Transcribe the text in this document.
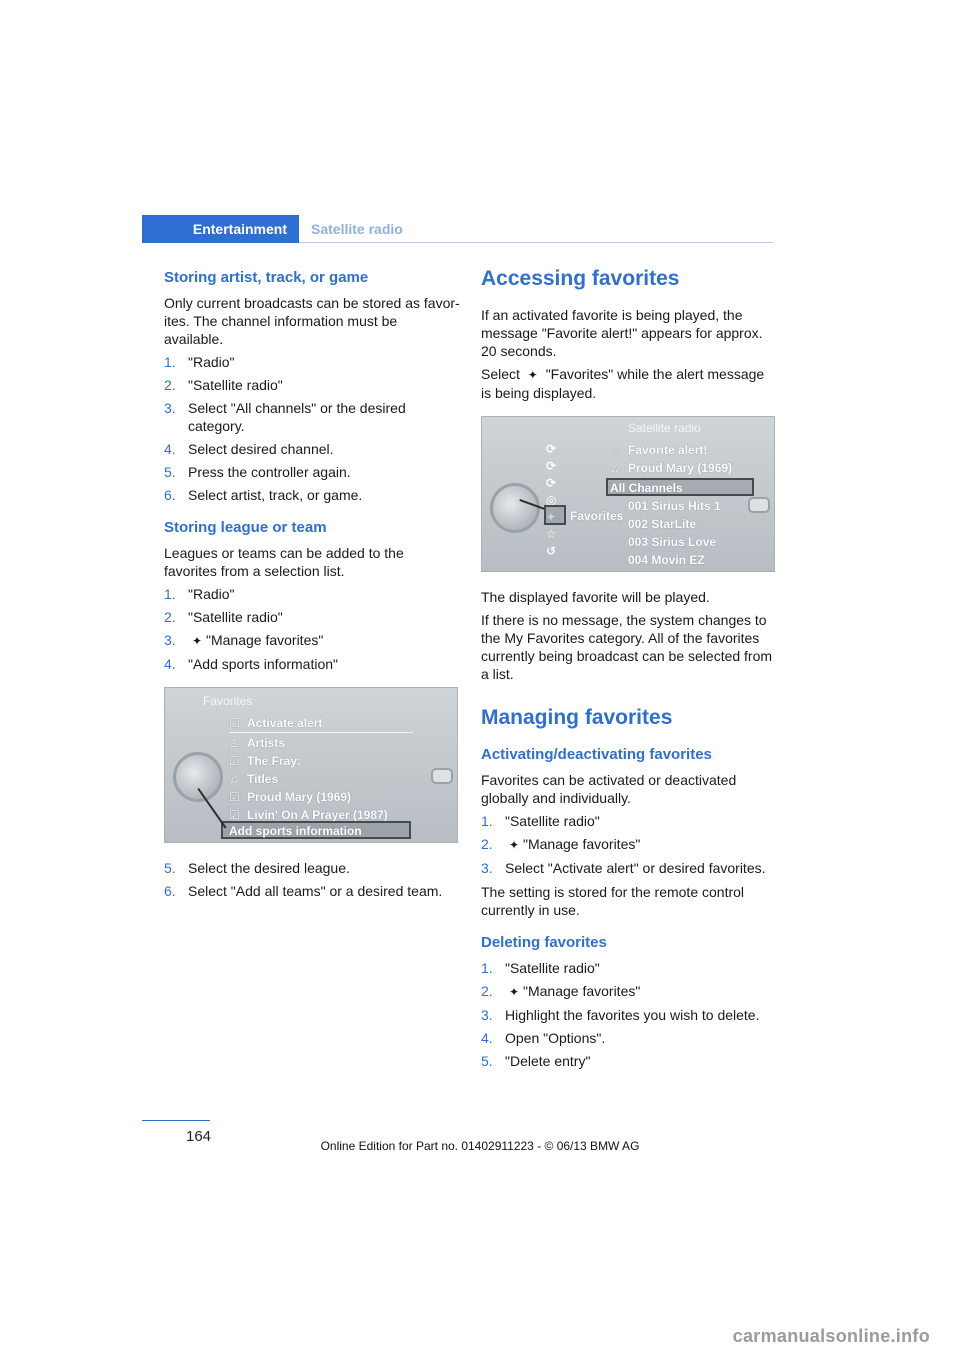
Entertainment	Satellite radio
Storing artist, track, or game

Only current broadcasts can be stored as favorites. The channel information must be available.

1. "Radio"
2. "Satellite radio"
3. Select "All channels" or the desired category.
4. Select desired channel.
5. Press the controller again.
6. Select artist, track, or game.
Storing league or team

Leagues or teams can be added to the favorites from a selection list.

1. "Radio"
2. "Satellite radio"
3. ✦ "Manage favorites"
4. "Add sports information"
Favorites
☑ Activate alert
♙ Artists
☑ The Fray:
♫ Titles
☑ Proud Mary (1969)
☑ Livin' On A Prayer (1987)
Add sports information
5. Select the desired league.
6. Select "Add all teams" or a desired team.
Accessing favorites

If an activated favorite is being played, the message "Favorite alert!" appears for approx. 20 seconds.

Select ✦ "Favorites" while the alert message is being displayed.

Satellite radio
⟳
⟳
⟳
◎
✦
☆
↺
☆ Favorite alert!
♫ Proud Mary (1969)
All Channels
001 Sirius Hits 1
002 StarLite
003 Sirius Love
004 Movin EZ
Favorites

The displayed favorite will be played.

If there is no message, the system changes to the My Favorites category. All of the favorites currently being broadcast can be selected from a list.

Managing favorites
Activating/deactivating favorites

Favorites can be activated or deactivated globally and individually.

1. "Satellite radio"
2. ✦ "Manage favorites"
3. Select "Activate alert" or desired favorites.

The setting is stored for the remote control currently in use.

Deleting favorites
1. "Satellite radio"
2. ✦ "Manage favorites"
3. Highlight the favorites you wish to delete.
4. Open "Options".
5. "Delete entry"
164
Online Edition for Part no. 01402911223 - © 06/13 BMW AG
carmanualsonline.info
